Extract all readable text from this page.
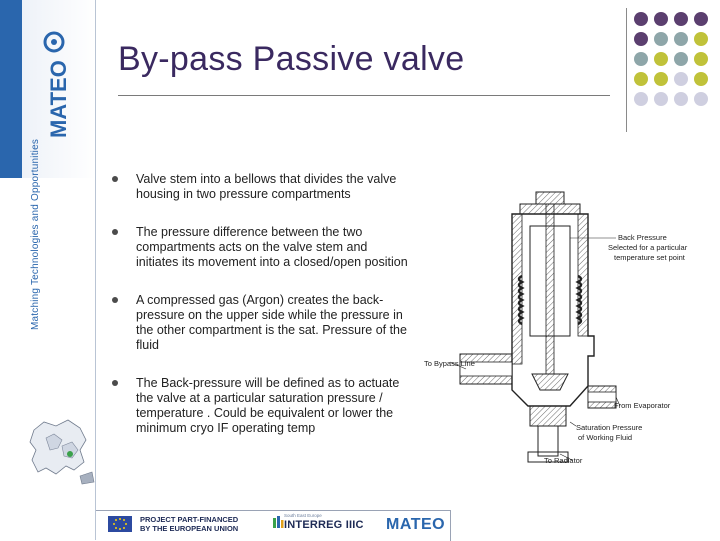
MATEO
Matching Technologies and Opportunities
By-pass Passive valve
Valve stem into a bellows that divides the valve housing in two pressure compartments
The pressure difference between the two compartments acts on the valve stem and initiates its movement into a closed/open position
A compressed gas (Argon) creates the back-pressure on the upper side while the pressure in the other compartment is the sat. Pressure of the fluid
The Back-pressure will be defined as to actuate the valve at a particular saturation pressure / temperature . Could be equivalent or lower the minimum cryo IF operating temp
Back Pressure
Selected for a particular
temperature set point
To Bypass Line
From Evaporator
Saturation Pressure
of Working Fluid
To Radiator
PROJECT PART-FINANCED
BY THE EUROPEAN UNION
South East Europe
INTERREG IIIC MATEO
